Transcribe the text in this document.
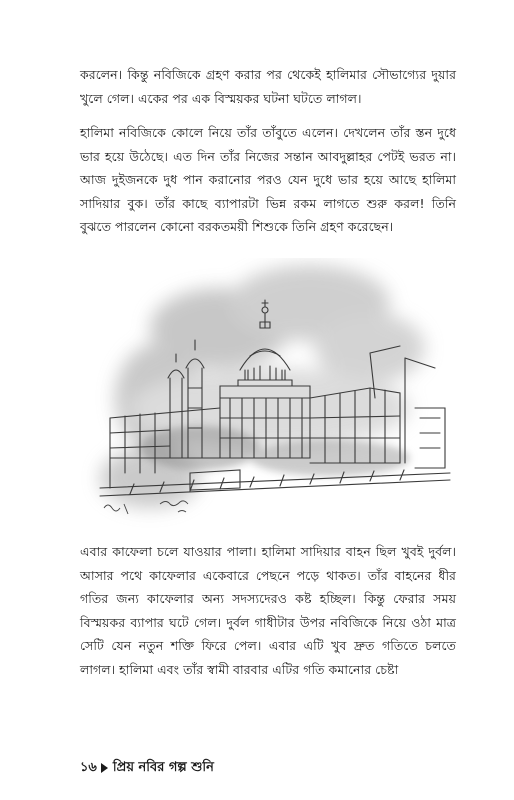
করলেন। কিন্তু নবিজিকে গ্রহণ করার পর থেকেই হালিমার সৌভাগ্যের দুয়ার খুলে গেল। একের পর এক বিস্ময়কর ঘটনা ঘটতে লাগল।

হালিমা নবিজিকে কোলে নিয়ে তাঁর তাঁবুতে এলেন। দেখলেন তাঁর স্তন দুধে ভার হয়ে উঠেছে। এত দিন তাঁর নিজের সন্তান আবদুল্লাহর পেটই ভরত না। আজ দুইজনকে দুধ পান করানোর পরও যেন দুধে ভার হয়ে আছে হালিমা সাদিয়ার বুক। তাঁর কাছে ব্যাপারটা ভিন্ন রকম লাগতে শুরু করল! তিনি বুঝতে পারলেন কোনো বরকতময়ী শিশুকে তিনি গ্রহণ করেছেন।

এবার কাফেলা চলে যাওয়ার পালা। হালিমা সাদিয়ার বাহন ছিল খুবই দুর্বল। আসার পথে কাফেলার একেবারে পেছনে পড়ে থাকত। তাঁর বাহনের ধীর গতির জন্য কাফেলার অন্য সদস্যদেরও কষ্ট হচ্ছিল। কিন্তু ফেরার সময় বিস্ময়কর ব্যাপার ঘটে গেল। দুর্বল গাধীটার উপর নবিজিকে নিয়ে ওঠা মাত্র সেটি যেন নতুন শক্তি ফিরে পেল। এবার এটি খুব দ্রুত গতিতে চলতে লাগল। হালিমা এবং তাঁর স্বামী বারবার এটির গতি কমানোর চেষ্টা

১৬ প্রিয় নবির গল্প শুনি
